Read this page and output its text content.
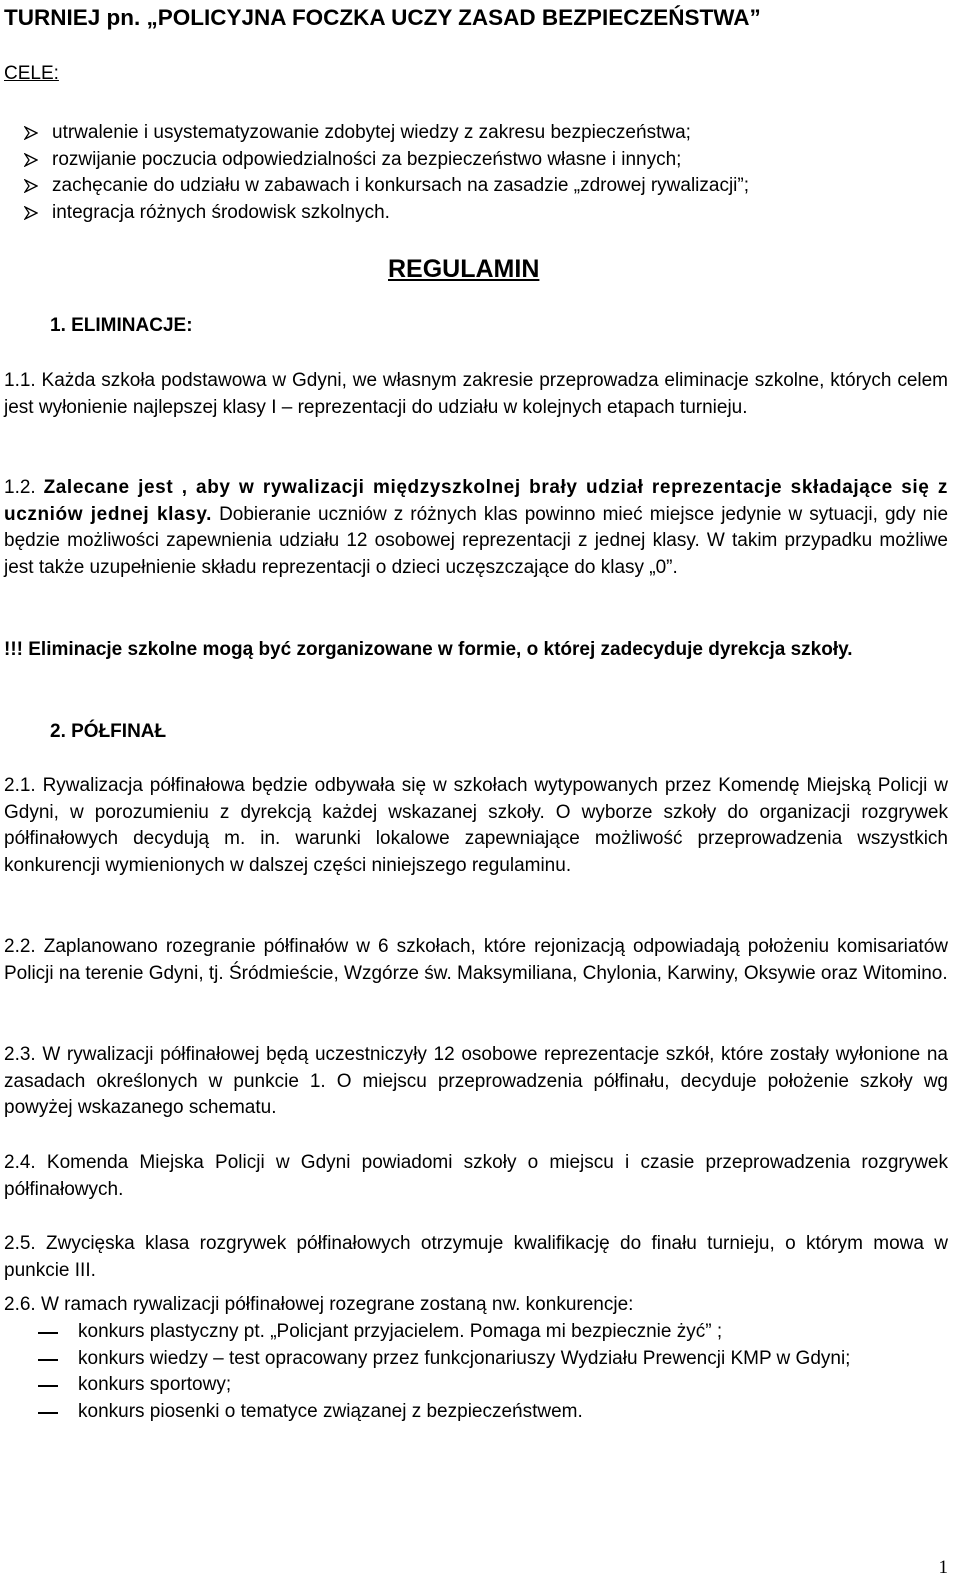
TURNIEJ pn. „POLICYJNA FOCZKA UCZY ZASAD BEZPIECZEŃSTWA”
CELE:
utrwalenie i usystematyzowanie zdobytej wiedzy z zakresu bezpieczeństwa;
rozwijanie poczucia odpowiedzialności za bezpieczeństwo własne i innych;
zachęcanie do udziału w zabawach i konkursach na zasadzie „zdrowej rywalizacji”;
integracja różnych środowisk szkolnych.
REGULAMIN
1. ELIMINACJE:

1.1. Każda szkoła podstawowa w Gdyni, we własnym zakresie przeprowadza eliminacje szkolne, których celem jest wyłonienie najlepszej klasy I – reprezentacji do udziału w kolejnych etapach turnieju.

1.2. Zalecane jest , aby w rywalizacji międzyszkolnej brały udział reprezentacje składające się z uczniów jednej klasy. Dobieranie uczniów z różnych klas powinno mieć miejsce jedynie w sytuacji, gdy nie będzie możliwości zapewnienia udziału 12 osobowej reprezentacji z jednej klasy. W takim przypadku możliwe jest także uzupełnienie składu reprezentacji o dzieci uczęszczające do klasy „0”.

!!! Eliminacje szkolne mogą być zorganizowane w formie, o której zadecyduje dyrekcja szkoły.

2. PÓŁFINAŁ

2.1. Rywalizacja półfinałowa będzie odbywała się w szkołach wytypowanych przez Komendę Miejską Policji w Gdyni, w porozumieniu z dyrekcją każdej wskazanej szkoły. O wyborze szkoły do organizacji rozgrywek półfinałowych decydują m. in. warunki lokalowe zapewniające możliwość przeprowadzenia wszystkich konkurencji wymienionych w dalszej części niniejszego regulaminu.

2.2. Zaplanowano rozegranie półfinałów w 6 szkołach, które rejonizacją odpowiadają położeniu komisariatów Policji na terenie Gdyni, tj. Śródmieście, Wzgórze św. Maksymiliana, Chylonia, Karwiny, Oksywie oraz Witomino.

2.3. W rywalizacji półfinałowej będą uczestniczyły 12 osobowe reprezentacje szkół, które zostały wyłonione na zasadach określonych w punkcie 1. O miejscu przeprowadzenia półfinału, decyduje położenie szkoły wg powyżej wskazanego schematu.

2.4. Komenda Miejska Policji w Gdyni powiadomi szkoły o miejscu i czasie przeprowadzenia rozgrywek półfinałowych.

2.5. Zwycięska klasa rozgrywek półfinałowych otrzymuje kwalifikację do finału turnieju, o którym mowa w punkcie III.

2.6. W ramach rywalizacji półfinałowej rozegrane zostaną nw. konkurencje:

konkurs plastyczny pt. „Policjant przyjacielem. Pomaga mi bezpiecznie żyć” ;
konkurs wiedzy – test opracowany przez funkcjonariuszy Wydziału Prewencji KMP w Gdyni;
konkurs sportowy;
konkurs piosenki o tematyce związanej z bezpieczeństwem.
1
